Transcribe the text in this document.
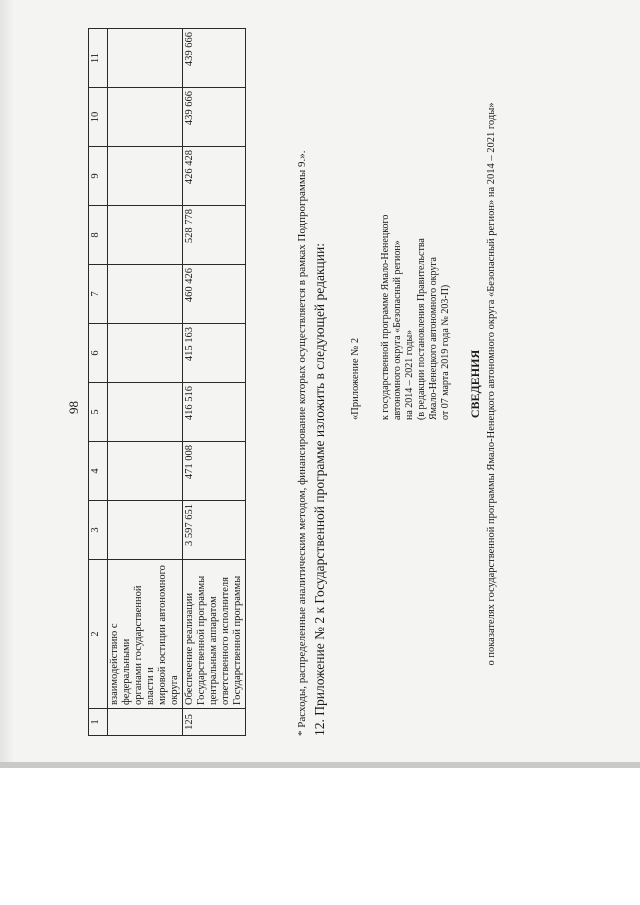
98
1	2	3	4	5	6	7	8	9	10	11

	взаимодействию с федеральными органами государственной власти и мировой юстиции автономного округа									

125	Обеспечение реализации Государственной программы центральным аппаратом ответственного исполнителя Государственной программы	3 597 651	471 008	416 516	415 163	460 426	528 778	426 428	439 666	439 666
* Расходы, распределенные аналитическим методом, финансирование которых осуществляется в рамках Подпрограммы 9.». 12. Приложение № 2 к Государственной программе изложить в следующей редакции: «Приложение № 2 к государственной программе Ямало-Ненецкого автономного округа «Безопасный регион» на 2014 – 2021 годы» (в редакции постановления Правительства Ямало-Ненецкого автономного округа от 07 марта 2019 года № 203-П) СВЕДЕНИЯ о показателях государственной программы Ямало-Ненецкого автономного округа «Безопасный регион» на 2014 – 2021 годы»
